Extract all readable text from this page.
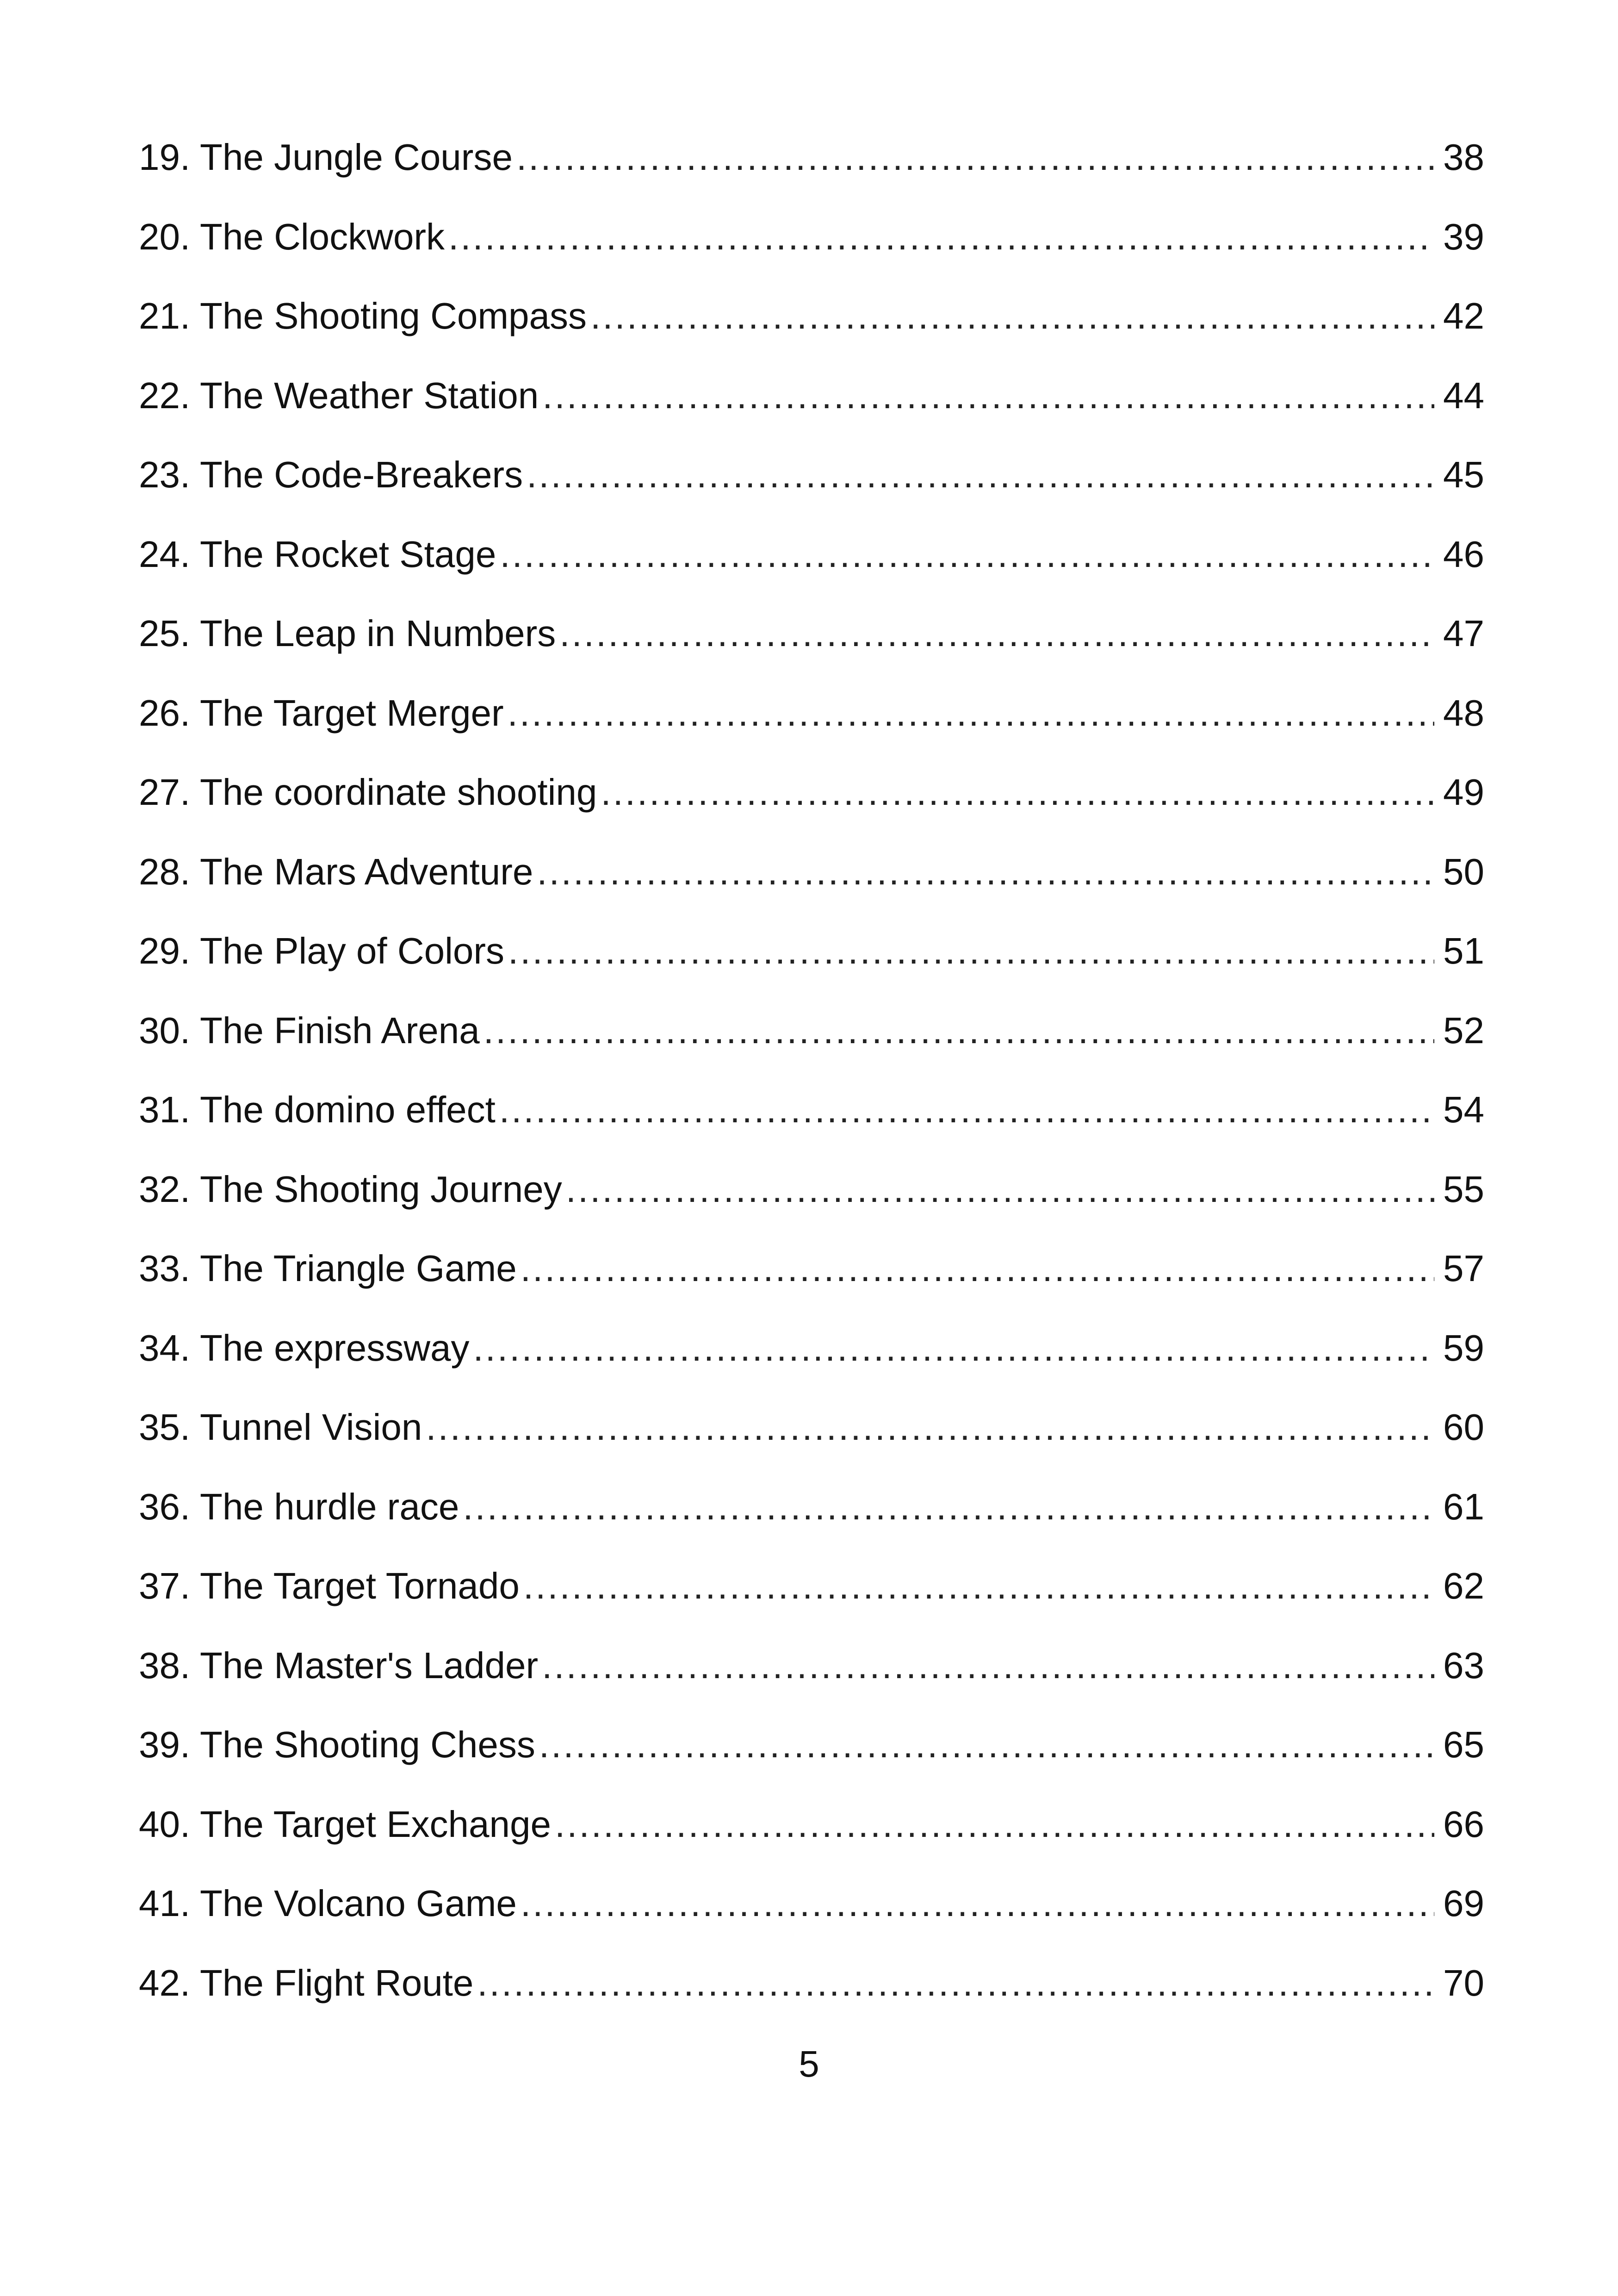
19. The Jungle Course .....	38
20. The Clockwork .....	39
21. The Shooting Compass .....	42
22. The Weather Station .....	44
23. The Code-Breakers .....	45
24. The Rocket Stage .....	46
25. The Leap in Numbers .....	47
26. The Target Merger .....	48
27. The coordinate shooting .....	49
28. The Mars Adventure .....	50
29. The Play of Colors .....	51
30. The Finish Arena .....	52
31. The domino effect .....	54
32. The Shooting Journey .....	55
33. The Triangle Game .....	57
34. The expressway .....	59
35. Tunnel Vision .....	60
36. The hurdle race .....	61
37. The Target Tornado .....	62
38. The Master's Ladder .....	63
39. The Shooting Chess .....	65
40. The Target Exchange .....	66
41. The Volcano Game .....	69
42. The Flight Route .....	70
5
